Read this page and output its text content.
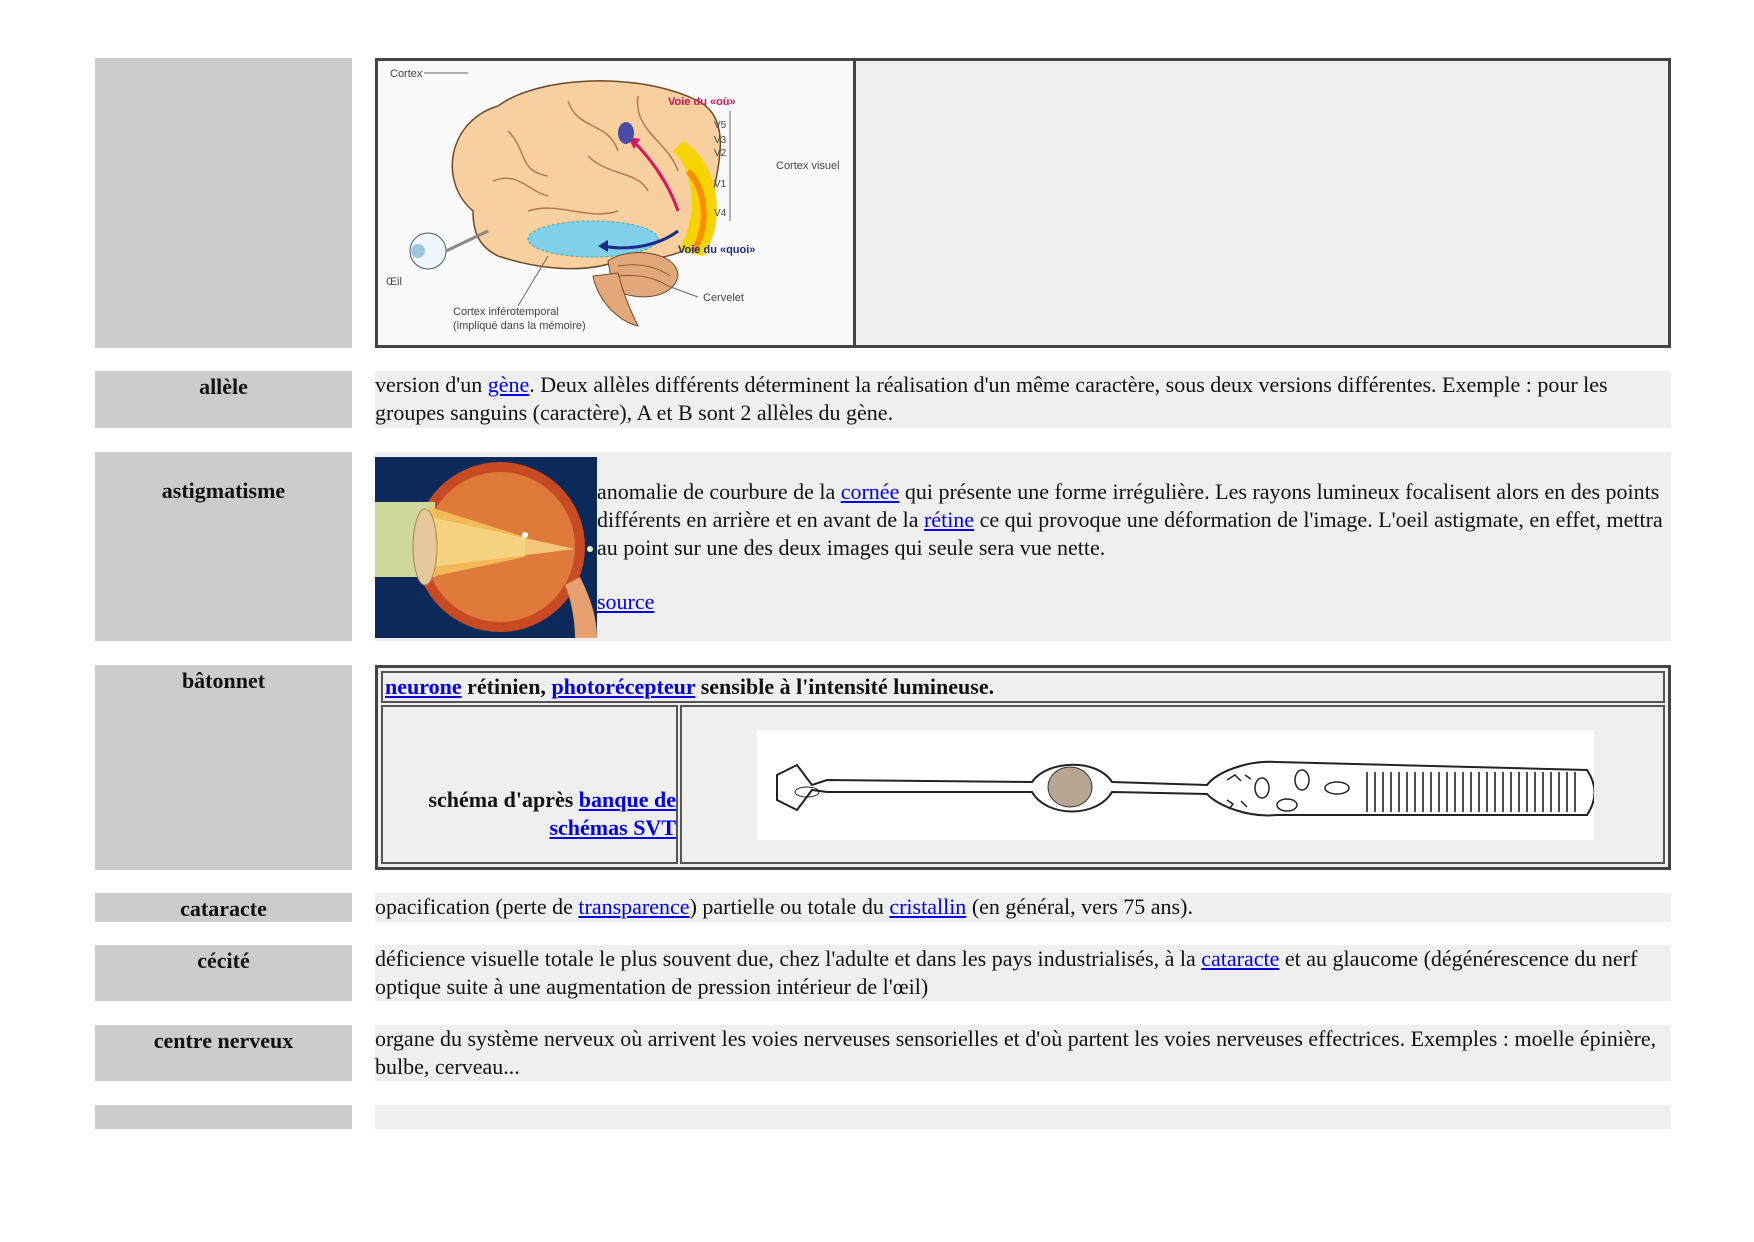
Cortex
Voie du «où»
V5
V3
V2
V1
V4
Cortex visuel
Voie du «quoi»
Œil
Cortex inférotemporal
(impliqué dans la mémoire)
Cervelet
allèle	version d'un gène. Deux allèles différents déterminent la réalisation d'un même caractère, sous deux versions différentes. Exemple : pour les groupes sanguins (caractère), A et B sont 2 allèles du gène.
astigmatisme	anomalie de courbure de la cornée qui présente une forme irrégulière. Les rayons lumineux focalisent alors en des points différents en arrière et en avant de la rétine ce qui provoque une déformation de l'image. L'oeil astigmate, en effet, mettra au point sur une des deux images qui seule sera vue nette.
source
bâtonnet	neurone rétinien, photorécepteur sensible à l'intensité lumineuse.
schéma d'après banque de schémas SVT
cataracte	opacification (perte de transparence) partielle ou totale du cristallin (en général, vers 75 ans).
cécité	déficience visuelle totale le plus souvent due, chez l'adulte et dans les pays industrialisés, à la cataracte et au glaucome (dégénérescence du nerf optique suite à une augmentation de pression intérieur de l'œil)
centre nerveux	organe du système nerveux où arrivent les voies nerveuses sensorielles et d'où partent les voies nerveuses effectrices. Exemples : moelle épinière, bulbe, cerveau...
